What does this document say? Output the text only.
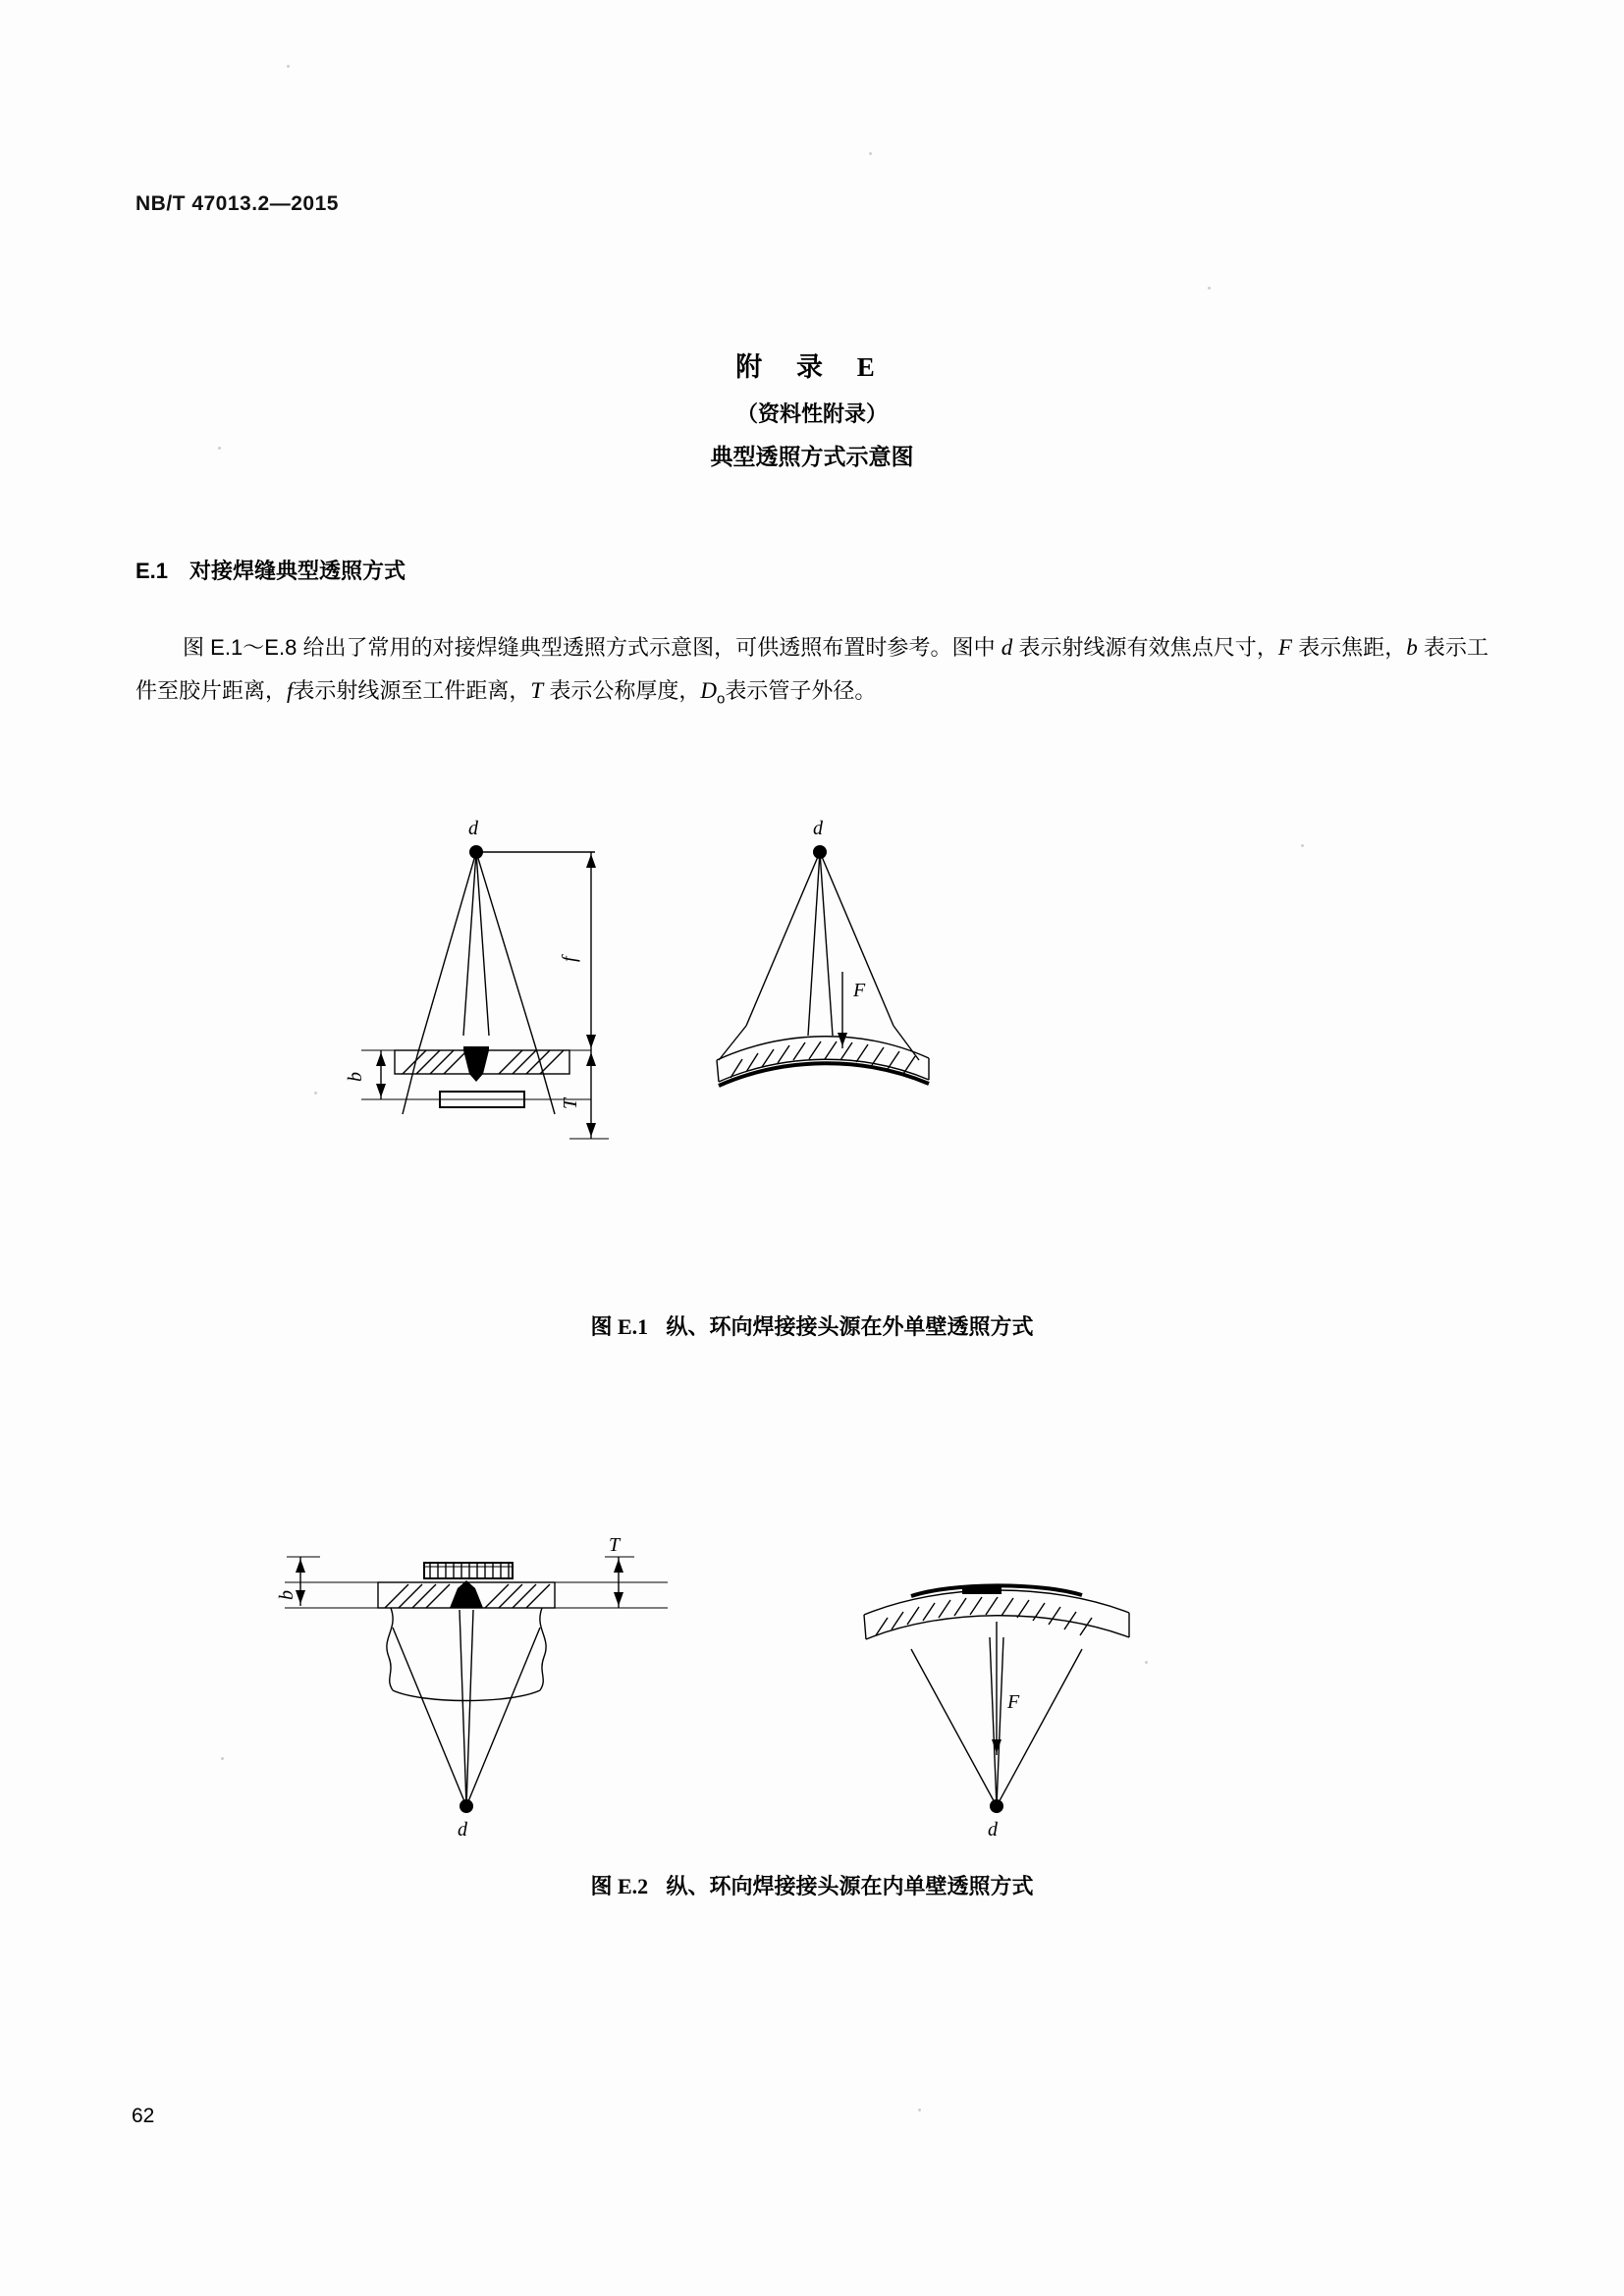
NB/T 47013.2—2015
附 录 E
（资料性附录）
典型透照方式示意图
E.1 对接焊缝典型透照方式
图 E.1～E.8 给出了常用的对接焊缝典型透照方式示意图，可供透照布置时参考。图中 d 表示射线源有效焦点尺寸，F 表示焦距，b 表示工件至胶片距离，f表示射线源至工件距离，T 表示公称厚度，$D_o$表示管子外径。
d	d
f
F
b
T
图 E.1 纵、环向焊接接头源在外单壁透照方式
b
T
F
d	d
图 E.2 纵、环向焊接接头源在内单壁透照方式
62
